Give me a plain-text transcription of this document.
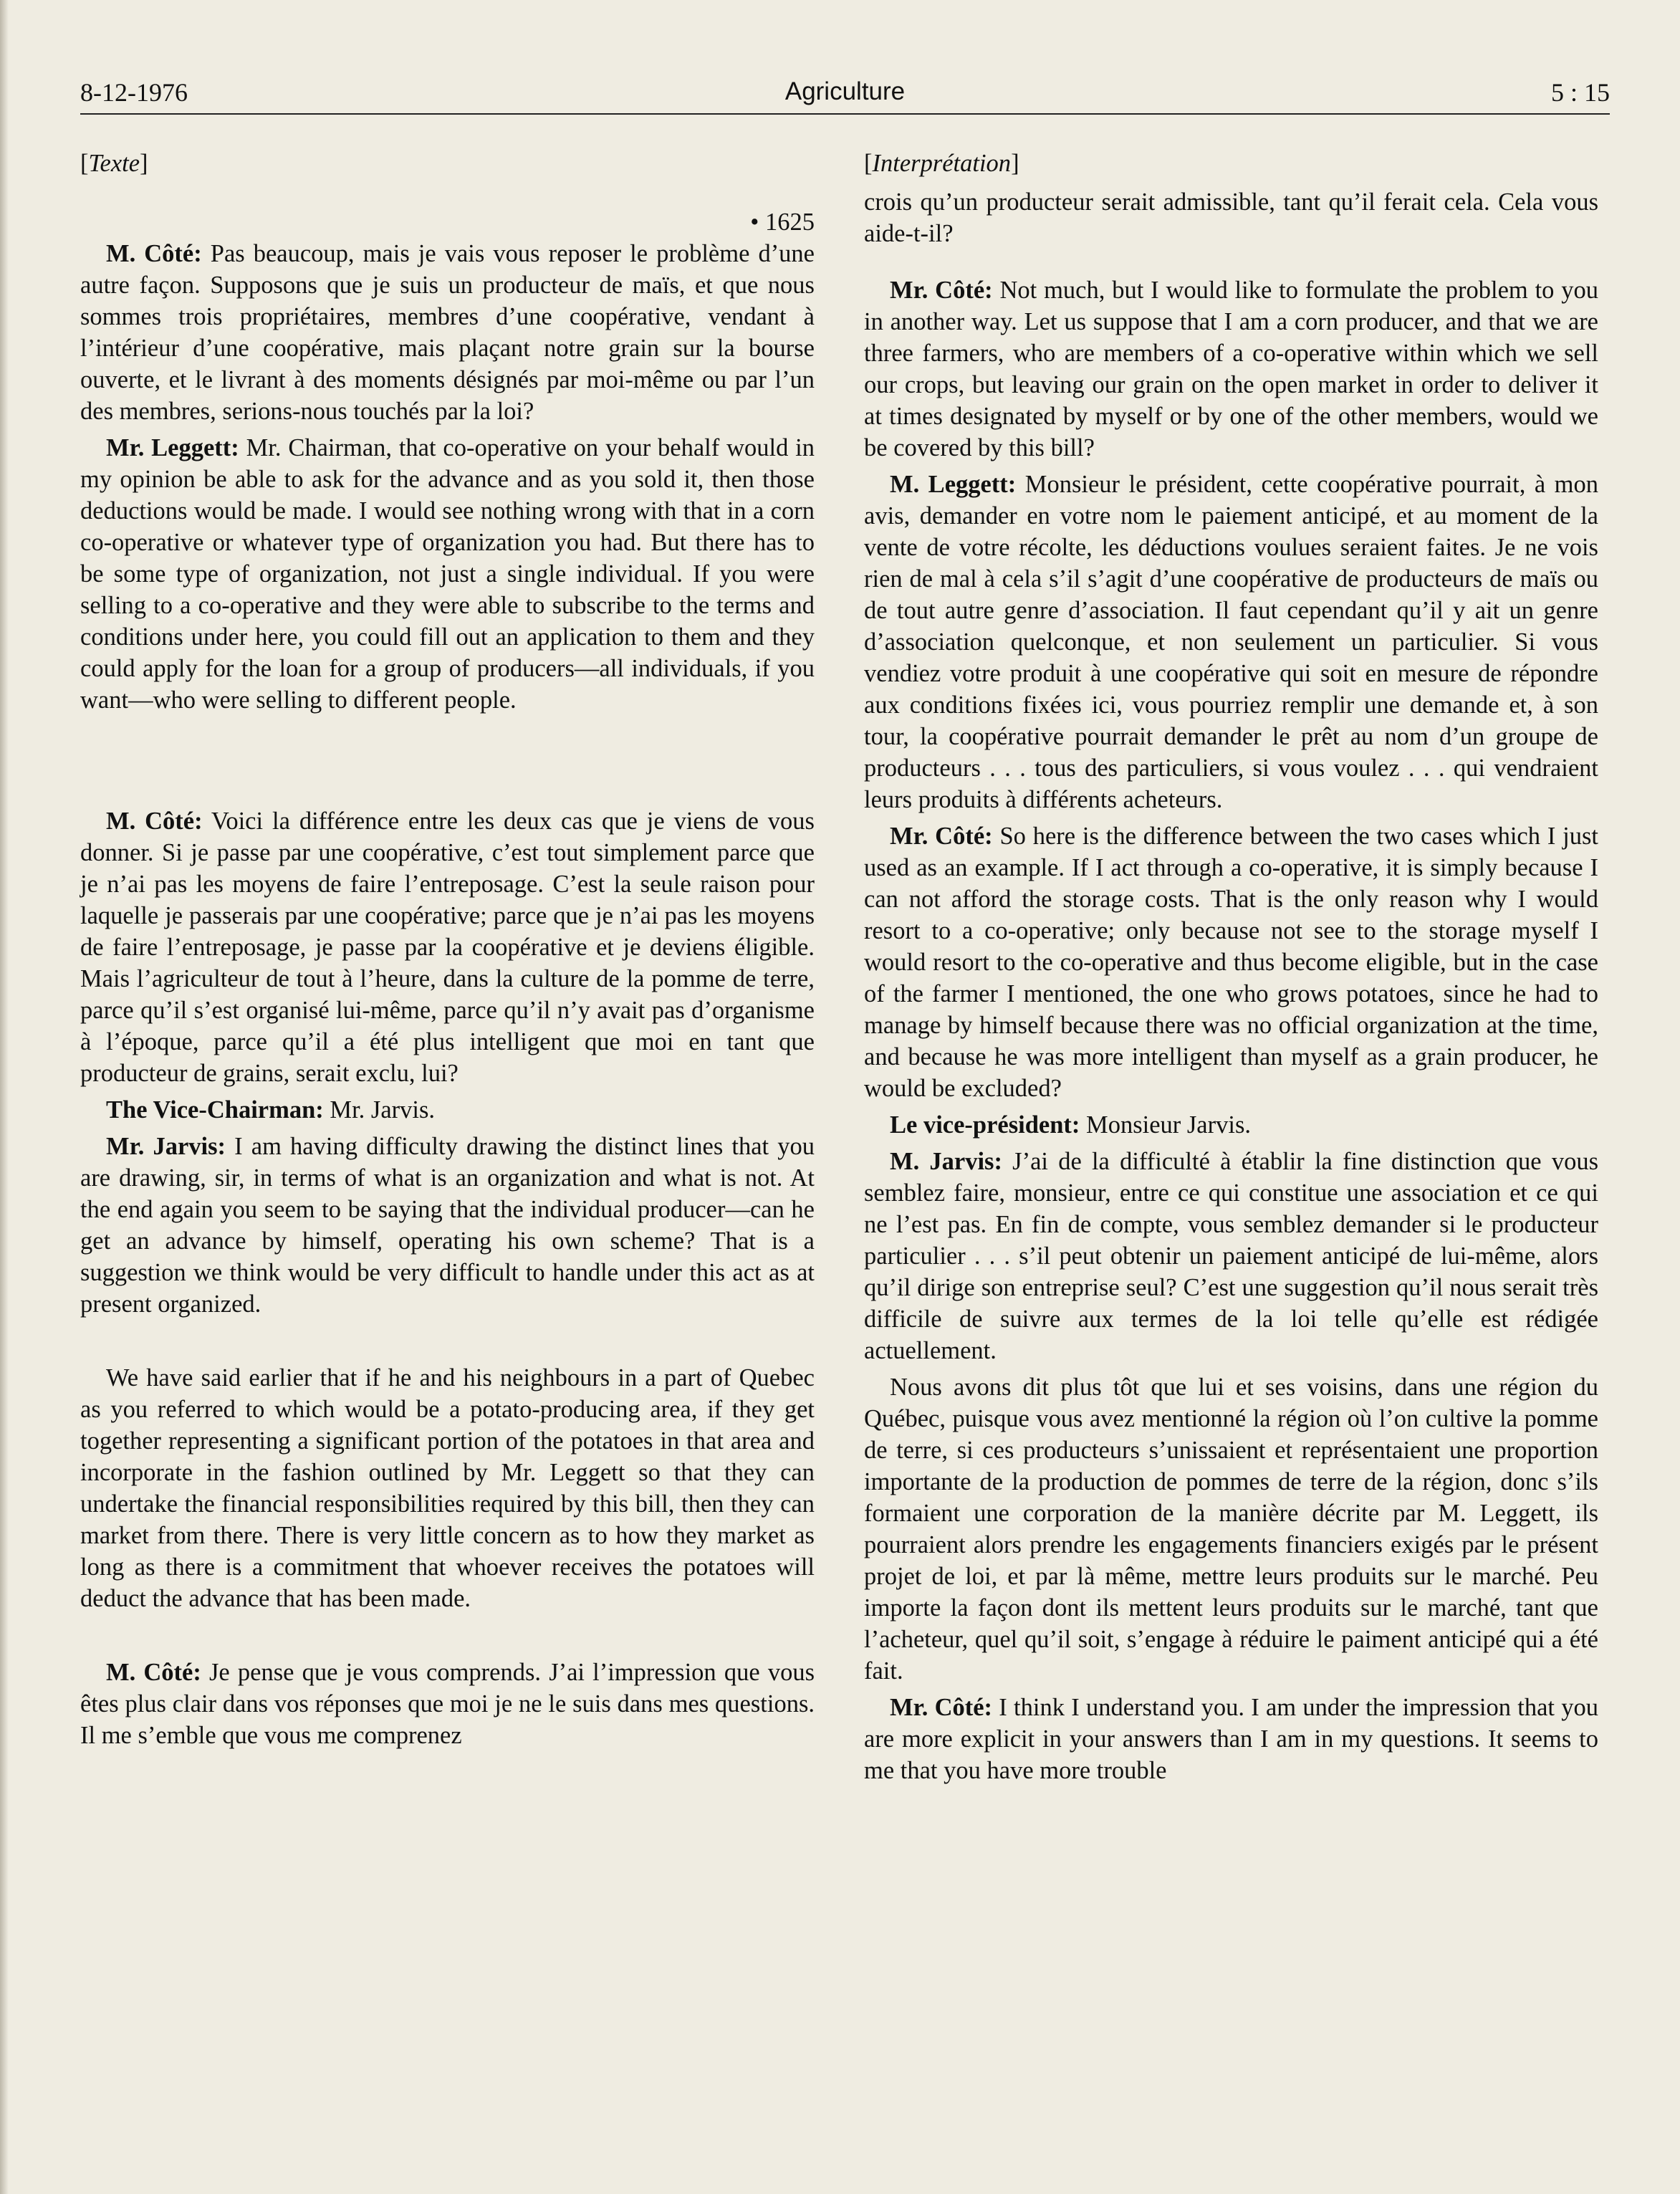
8-12-1976	Agriculture	5 : 15
[Texte]
• 1625

M. Côté: Pas beaucoup, mais je vais vous reposer le problème d’une autre façon. Supposons que je suis un producteur de maïs, et que nous sommes trois propriétaires, membres d’une coopérative, vendant à l’intérieur d’une coopérative, mais plaçant notre grain sur la bourse ouverte, et le livrant à des moments désignés par moi-même ou par l’un des membres, serions-nous touchés par la loi?

Mr. Leggett: Mr. Chairman, that co-operative on your behalf would in my opinion be able to ask for the advance and as you sold it, then those deductions would be made. I would see nothing wrong with that in a corn co-operative or whatever type of organization you had. But there has to be some type of organization, not just a single individual. If you were selling to a co-operative and they were able to subscribe to the terms and conditions under here, you could fill out an application to them and they could apply for the loan for a group of producers—all individuals, if you want—who were selling to different people.

M. Côté: Voici la différence entre les deux cas que je viens de vous donner. Si je passe par une coopérative, c’est tout simplement parce que je n’ai pas les moyens de faire l’entreposage. C’est la seule raison pour laquelle je passerais par une coopérative; parce que je n’ai pas les moyens de faire l’entreposage, je passe par la coopérative et je deviens éligible. Mais l’agriculteur de tout à l’heure, dans la culture de la pomme de terre, parce qu’il s’est organisé lui-même, parce qu’il n’y avait pas d’organisme à l’époque, parce qu’il a été plus intelligent que moi en tant que producteur de grains, serait exclu, lui?

The Vice-Chairman: Mr. Jarvis.

Mr. Jarvis: I am having difficulty drawing the distinct lines that you are drawing, sir, in terms of what is an organization and what is not. At the end again you seem to be saying that the individual producer—can he get an advance by himself, operating his own scheme? That is a suggestion we think would be very difficult to handle under this act as at present organized.

We have said earlier that if he and his neighbours in a part of Quebec as you referred to which would be a potato-producing area, if they get together representing a significant portion of the potatoes in that area and incorporate in the fashion outlined by Mr. Leggett so that they can undertake the financial responsibilities required by this bill, then they can market from there. There is very little concern as to how they market as long as there is a commitment that whoever receives the potatoes will deduct the advance that has been made.

M. Côté: Je pense que je vous comprends. J’ai l’impression que vous êtes plus clair dans vos réponses que moi je ne le suis dans mes questions. Il me s’emble que vous me comprenez

[Interprétation]

crois qu’un producteur serait admissible, tant qu’il ferait cela. Cela vous aide-t-il?

Mr. Côté: Not much, but I would like to formulate the problem to you in another way. Let us suppose that I am a corn producer, and that we are three farmers, who are members of a co-operative within which we sell our crops, but leaving our grain on the open market in order to deliver it at times designated by myself or by one of the other members, would we be covered by this bill?

M. Leggett: Monsieur le président, cette coopérative pourrait, à mon avis, demander en votre nom le paiement anticipé, et au moment de la vente de votre récolte, les déductions voulues seraient faites. Je ne vois rien de mal à cela s’il s’agit d’une coopérative de producteurs de maïs ou de tout autre genre d’association. Il faut cependant qu’il y ait un genre d’association quelconque, et non seulement un particulier. Si vous vendiez votre produit à une coopérative qui soit en mesure de répondre aux conditions fixées ici, vous pourriez remplir une demande et, à son tour, la coopérative pourrait demander le prêt au nom d’un groupe de producteurs . . . tous des particuliers, si vous voulez . . . qui vendraient leurs produits à différents acheteurs.

Mr. Côté: So here is the difference between the two cases which I just used as an example. If I act through a co-operative, it is simply because I can not afford the storage costs. That is the only reason why I would resort to a co-operative; only because not see to the storage myself I would resort to the co-operative and thus become eligible, but in the case of the farmer I mentioned, the one who grows potatoes, since he had to manage by himself because there was no official organization at the time, and because he was more intelligent than myself as a grain producer, he would be excluded?

Le vice-président: Monsieur Jarvis.

M. Jarvis: J’ai de la difficulté à établir la fine distinction que vous semblez faire, monsieur, entre ce qui constitue une association et ce qui ne l’est pas. En fin de compte, vous semblez demander si le producteur particulier . . . s’il peut obtenir un paiement anticipé de lui-même, alors qu’il dirige son entreprise seul? C’est une suggestion qu’il nous serait très difficile de suivre aux termes de la loi telle qu’elle est rédigée actuellement.

Nous avons dit plus tôt que lui et ses voisins, dans une région du Québec, puisque vous avez mentionné la région où l’on cultive la pomme de terre, si ces producteurs s’unissaient et représentaient une proportion importante de la production de pommes de terre de la région, donc s’ils formaient une corporation de la manière décrite par M. Leggett, ils pourraient alors prendre les engagements financiers exigés par le présent projet de loi, et par là même, mettre leurs produits sur le marché. Peu importe la façon dont ils mettent leurs produits sur le marché, tant que l’acheteur, quel qu’il soit, s’engage à réduire le paiment anticipé qui a été fait.

Mr. Côté: I think I understand you. I am under the impression that you are more explicit in your answers than I am in my questions. It seems to me that you have more trouble
